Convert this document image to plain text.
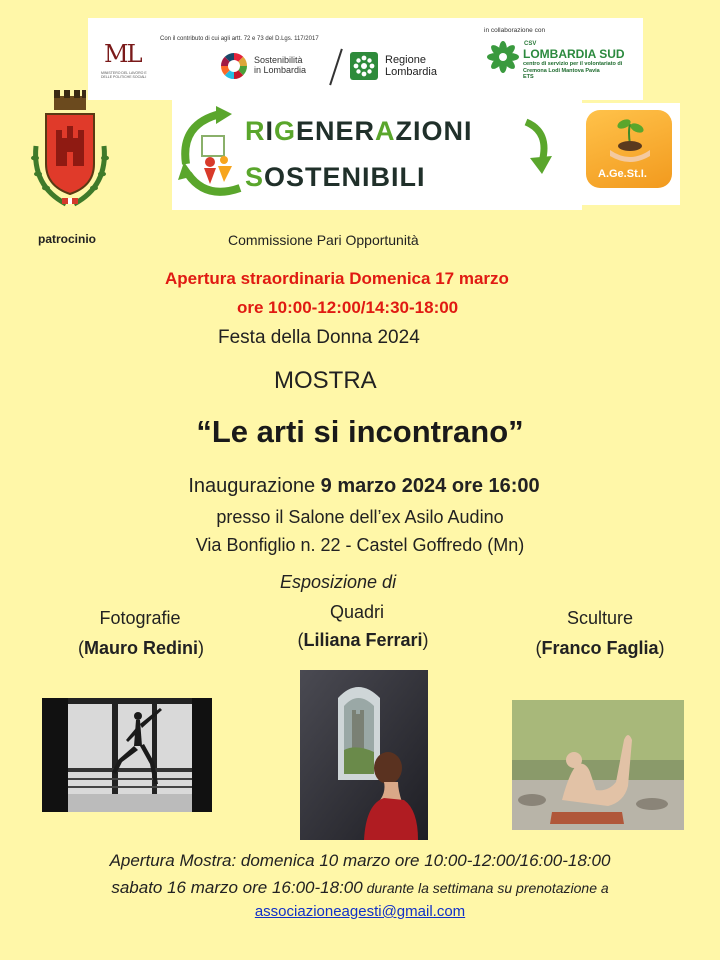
Con il contributo di cui agli artt. 72 e 73 del D.Lgs. 117/2017
ML
MINISTERO DEL LAVORO E DELLE POLITICHE SOCIALI
Sostenibilità
in Lombardia
Regione
Lombardia
in collaborazione con
CSV
LOMBARDIA SUD
centro di servizio per il volontariato di Cremona Lodi Mantova Pavia
ETS
RIGENERAZIONI
SOSTENIBILI	A.Ge.St.I.
patrocinio	Commissione Pari Opportunità
Apertura straordinaria Domenica 17 marzo
ore 10:00-12:00/14:30-18:00
Festa della Donna 2024
MOSTRA
“Le arti si incontrano”
Inaugurazione 9 marzo 2024 ore 16:00
presso il Salone dell’ex Asilo Audino
Via Bonfiglio n. 22 - Castel Goffredo (Mn)
Esposizione di
Fotografie
(Mauro Redini)
Quadri
(Liliana Ferrari)
Sculture
(Franco Faglia)
Apertura Mostra: domenica 10 marzo ore 10:00-12:00/16:00-18:00
sabato 16 marzo ore 16:00-18:00 durante la settimana su prenotazione a
associazioneagesti@gmail.com
